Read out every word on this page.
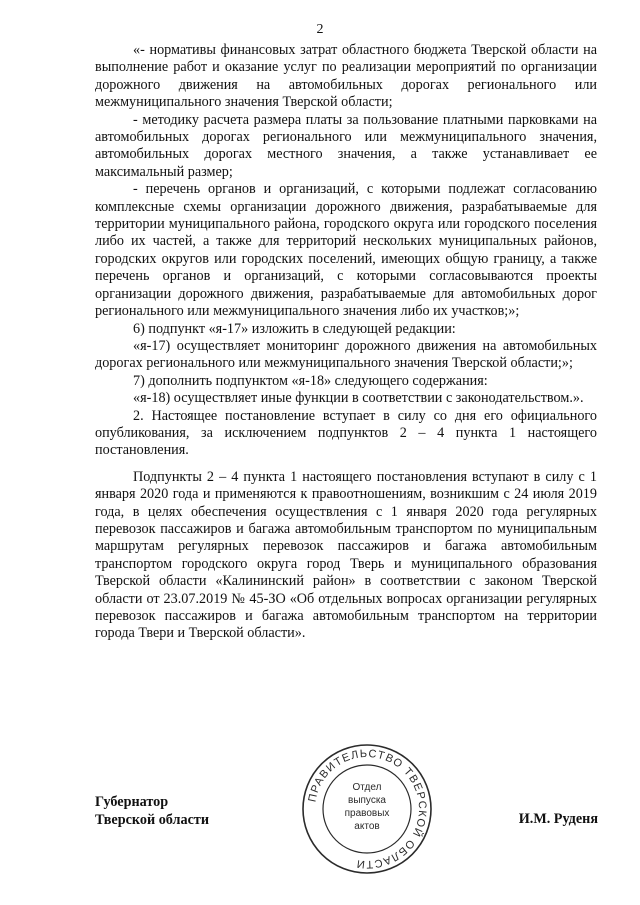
2

«- нормативы финансовых затрат областного бюджета Тверской области на выполнение работ и оказание услуг по реализации мероприятий по организации дорожного движения на автомобильных дорогах регионального или межмуниципального значения Тверской области;

- методику расчета размера платы за пользование платными парковками на автомобильных дорогах регионального или межмуниципального значения, автомобильных дорогах местного значения, а также устанавливает ее максимальный размер;

- перечень органов и организаций, с которыми подлежат согласованию комплексные схемы организации дорожного движения, разрабатываемые для территории муниципального района, городского округа или городского поселения либо их частей, а также для территорий нескольких муниципальных районов, городских округов или городских поселений, имеющих общую границу, а также перечень органов и организаций, с которыми согласовываются проекты организации дорожного движения, разрабатываемые для автомобильных дорог регионального или межмуниципального значения либо их участков;»;

6) подпункт «я-17» изложить в следующей редакции:

«я-17) осуществляет мониторинг дорожного движения на автомобильных дорогах регионального или межмуниципального значения Тверской области;»;

7) дополнить подпунктом «я-18» следующего содержания:

«я-18) осуществляет иные функции в соответствии с законодательством.».

2. Настоящее постановление вступает в силу со дня его официального опубликования, за исключением подпунктов 2 – 4 пункта 1 настоящего постановления.

Подпункты 2 – 4 пункта 1 настоящего постановления вступают в силу с 1 января 2020 года и применяются к правоотношениям, возникшим с 24 июля 2019 года, в целях обеспечения осуществления с 1 января 2020 года регулярных перевозок пассажиров и багажа автомобильным транспортом по муниципальным маршрутам регулярных перевозок пассажиров и багажа автомобильным транспортом городского округа город Тверь и муниципального образования Тверской области «Калининский район» в соответствии с законом Тверской области от 23.07.2019 № 45-ЗО «Об отдельных вопросах организации регулярных перевозок пассажиров и багажа автомобильным транспортом на территории города Твери и Тверской области».

Губернатор
Тверской области	И.М. Руденя
ПРАВИТЕЛЬСТВО ТВЕРСКОЙ ОБЛАСТИ
Отдел
выпуска
правовых
актов
